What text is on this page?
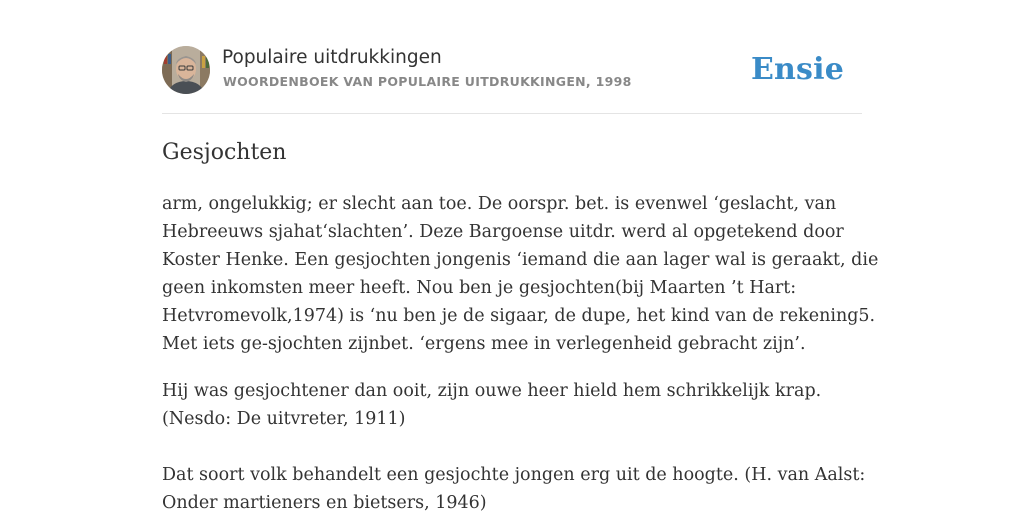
Populaire uitdrukkingen
WOORDENBOEK VAN POPULAIRE UITDRUKKINGEN, 1998	Ensie
Gesjochten
arm, ongelukkig; er slecht aan toe. De oorspr. bet. is evenwel ‘geslacht, van
Hebreeuws sjahat‘slachten’. Deze Bargoense uitdr. werd al opgetekend door
Koster Henke. Een gesjochten jongenis ‘iemand die aan lager wal is geraakt, die
geen inkomsten meer heeft. Nou ben je gesjochten(bij Maarten ’t Hart:
Hetvromevolk,1974) is ‘nu ben je de sigaar, de dupe, het kind van de rekening5.
Met iets ge-sjochten zijnbet. ‘ergens mee in verlegenheid gebracht zijn’.
Hij was gesjochtener dan ooit, zijn ouwe heer hield hem schrikkelijk krap.
(Nesdo: De uitvreter, 1911)
Dat soort volk behandelt een gesjochte jongen erg uit de hoogte. (H. van Aalst:
Onder martieners en bietsers, 1946)
